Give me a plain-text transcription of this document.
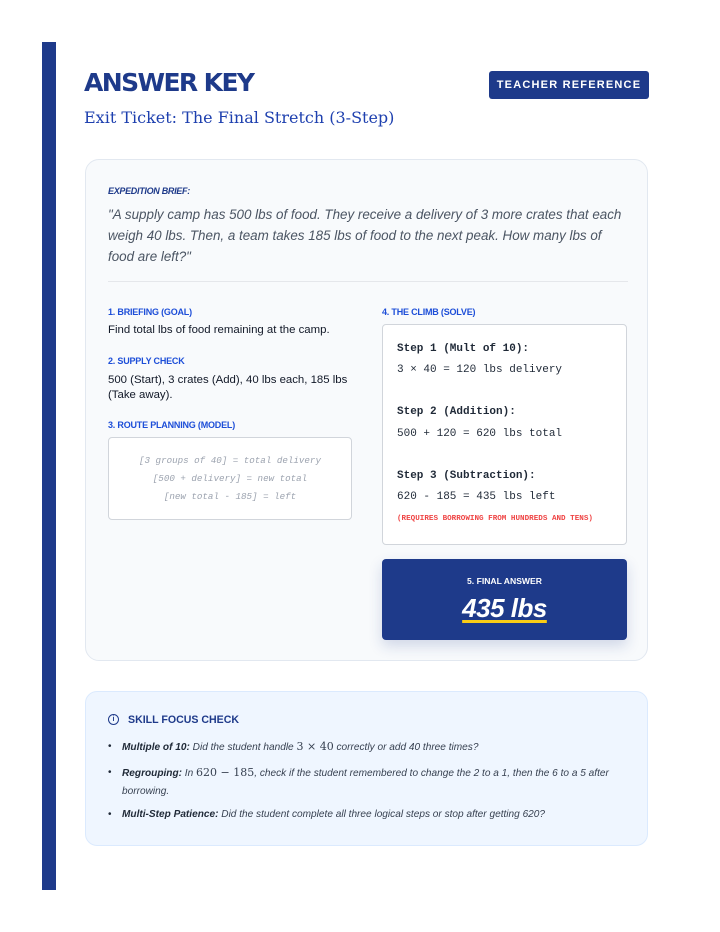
ANSWER KEY
Exit Ticket: The Final Stretch (3-Step)
TEACHER REFERENCE
EXPEDITION BRIEF:
"A supply camp has 500 lbs of food. They receive a delivery of 3 more crates that each weigh 40 lbs. Then, a team takes 185 lbs of food to the next peak. How many lbs of food are left?"
1. BRIEFING (GOAL)
Find total lbs of food remaining at the camp.
2. SUPPLY CHECK
500 (Start), 3 crates (Add), 40 lbs each, 185 lbs (Take away).
3. ROUTE PLANNING (MODEL)
[3 groups of 40] = total delivery
[500 + delivery] = new total
[new total - 185] = left
4. THE CLIMB (SOLVE)
Step 1 (Mult of 10):
3 × 40 = 120 lbs delivery
Step 2 (Addition):
500 + 120 = 620 lbs total
Step 3 (Subtraction):
620 - 185 = 435 lbs left
(REQUIRES BORROWING FROM HUNDREDS AND TENS)
5. FINAL ANSWER
435 lbs
i	SKILL FOCUS CHECK
• Multiple of 10: Did the student handle 3 × 40 correctly or add 40 three times?
• Regrouping: In 620 − 185, check if the student remembered to change the 2 to a 1, then the 6 to a 5 after borrowing.
• Multi-Step Patience: Did the student complete all three logical steps or stop after getting 620?
